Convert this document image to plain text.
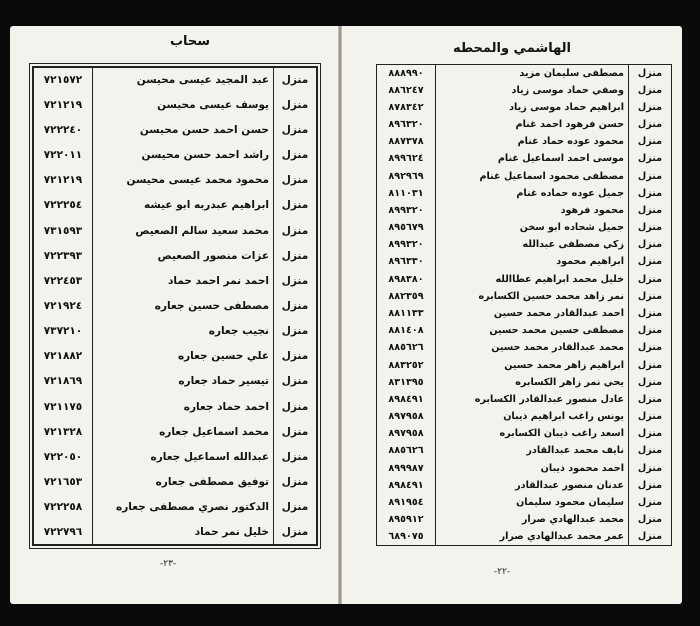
سحاب
منزل	عبد المجيد عيسى محيسن	٧٢١٥٧٢
منزل	يوسف عيسى محيسن	٧٢١٢١٩
منزل	حسن احمد حسن محيسن	٧٢٢٢٤٠
منزل	راشد احمد حسن محيسن	٧٢٢٠١١
منزل	محمود محمد عيسى محيسن	٧٢١٢١٩
منزل	ابراهيم عبدربه ابو عيشه	٧٢٢٢٥٤
منزل	محمد سعيد سالم الصعيص	٧٣١٥٩٣
منزل	عزات منصور الصعيص	٧٢٢٣٩٣
منزل	احمد نمر احمد حماد	٧٢٢٤٥٣
منزل	مصطفى حسين جعاره	٧٢١٩٢٤
منزل	نجيب جعاره	٧٣٧٢١٠
منزل	علي حسين جعاره	٧٢١٨٨٢
منزل	تيسير حماد جعاره	٧٢١٨٦٩
منزل	احمد حماد جعاره	٧٢١١٧٥
منزل	محمد اسماعيل جعاره	٧٢١٣٢٨
منزل	عبدالله اسماعيل جعاره	٧٢٢٠٥٠
منزل	توفيق مصطفى جعاره	٧٢١٦٥٣
منزل	الدكتور نصري مصطفى جعاره	٧٢٢٢٥٨
منزل	خليل نمر حماد	٧٢٢٧٩٦
-٢٣-
الهاشمي والمحطه
منزل	مصطفى سليمان مزيد	٨٨٨٩٩٠
منزل	وصفي حماد موسى زياد	٨٨٦٢٤٧
منزل	ابراهيم حماد موسى زياد	٨٧٨٣٤٢
منزل	حسن فرهود احمد غنام	٨٩٦٣٢٠
منزل	محمود عوده حماد غنام	٨٨٧٣٧٨
منزل	موسى احمد اسماعيل غنام	٨٩٩٦٢٤
منزل	مصطفى محمود اسماعيل غنام	٨٩٢٩٦٩
منزل	جميل عوده حماده غنام	٨١١٠٣١
منزل	محمود فرهود	٨٩٩٣٢٠
منزل	جميل شحاده ابو سخن	٨٩٥٦٧٩
منزل	زكي مصطفى عبدالله	٨٩٩٣٢٠
منزل	ابراهيم محمود	٨٩٦٣٣٠
منزل	خليل محمد ابراهيم عطاالله	٨٩٨٣٨٠
منزل	نمر زاهد محمد حسين الكسابره	٨٨٢٣٥٩
منزل	احمد عبدالقادر محمد حسين	٨٨١١٣٣
منزل	مصطفى حسين محمد حسين	٨٨١٤٠٨
منزل	محمد عبدالقادر محمد حسين	٨٨٥٦٢٦
منزل	ابراهيم زاهر محمد حسين	٨٨٣٢٥٢
منزل	يحي نمر زاهر الكسابره	٨٣١٣٩٥
منزل	عادل منصور عبدالقادر الكسابره	٨٩٨٤٩١
منزل	يونس راغب ابراهيم ذيبان	٨٩٧٩٥٨
منزل	اسعد راغب ذيبان الكسابره	٨٩٧٩٥٨
منزل	نايف محمد عبدالقادر	٨٨٥٦٢٦
منزل	احمد محمود ذيبان	٨٩٩٩٨٧
منزل	عدنان منصور عبدالقادر	٨٩٨٤٩١
منزل	سليمان محمود سليمان	٨٩١٩٥٤
منزل	محمد عبدالهادي صرار	٨٩٥٩١٢
منزل	عمر محمد عبدالهادي صرار	٦٨٩٠٧٥
-٢٢-
